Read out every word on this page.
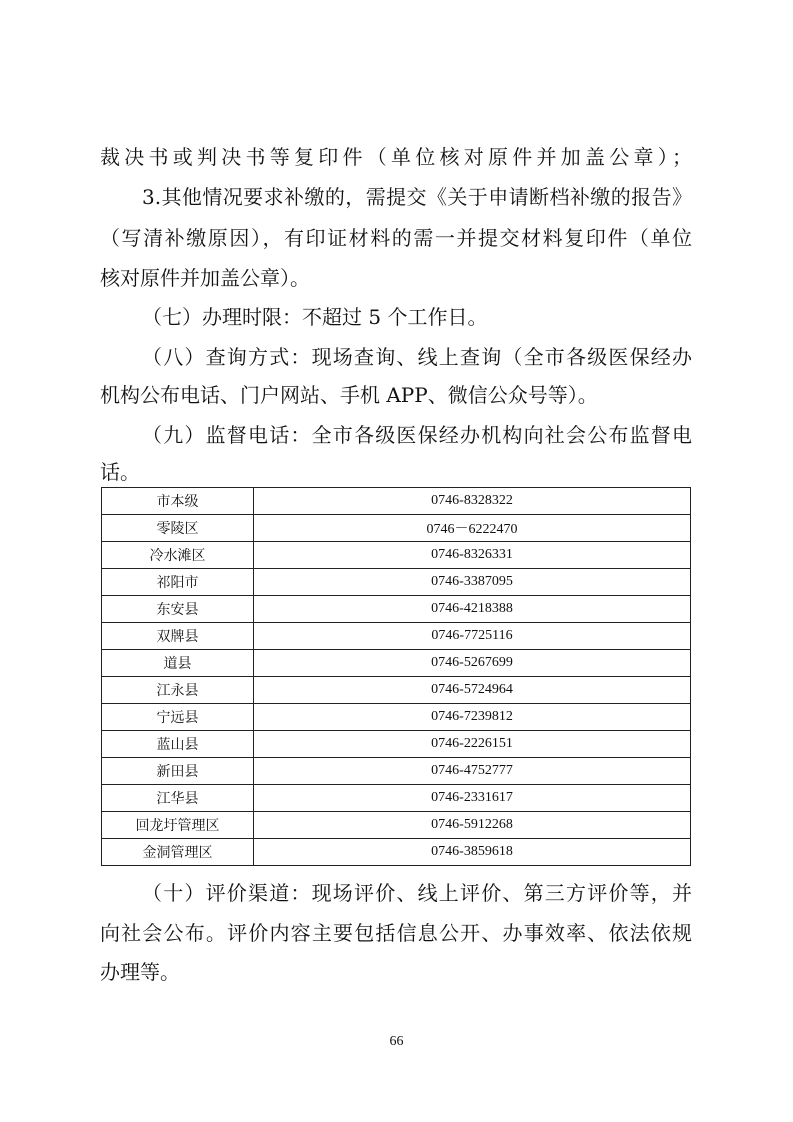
裁决书或判决书等复印件（单位核对原件并加盖公章）；
3.其他情况要求补缴的，需提交《关于申请断档补缴的报告》
（写清补缴原因），有印证材料的需一并提交材料复印件（单位
核对原件并加盖公章）。
（七）办理时限：不超过 5 个工作日。
（八）查询方式：现场查询、线上查询（全市各级医保经办
机构公布电话、门户网站、手机 APP、微信公众号等）。
（九）监督电话：全市各级医保经办机构向社会公布监督电
话。
市本级	0746-8328322
零陵区	0746－6222470
冷水滩区	0746-8326331
祁阳市	0746-3387095
东安县	0746-4218388
双牌县	0746-7725116
道县	0746-5267699
江永县	0746-5724964
宁远县	0746-7239812
蓝山县	0746-2226151
新田县	0746-4752777
江华县	0746-2331617
回龙圩管理区	0746-5912268
金洞管理区	0746-3859618
（十）评价渠道：现场评价、线上评价、第三方评价等，并
向社会公布。评价内容主要包括信息公开、办事效率、依法依规
办理等。
66
